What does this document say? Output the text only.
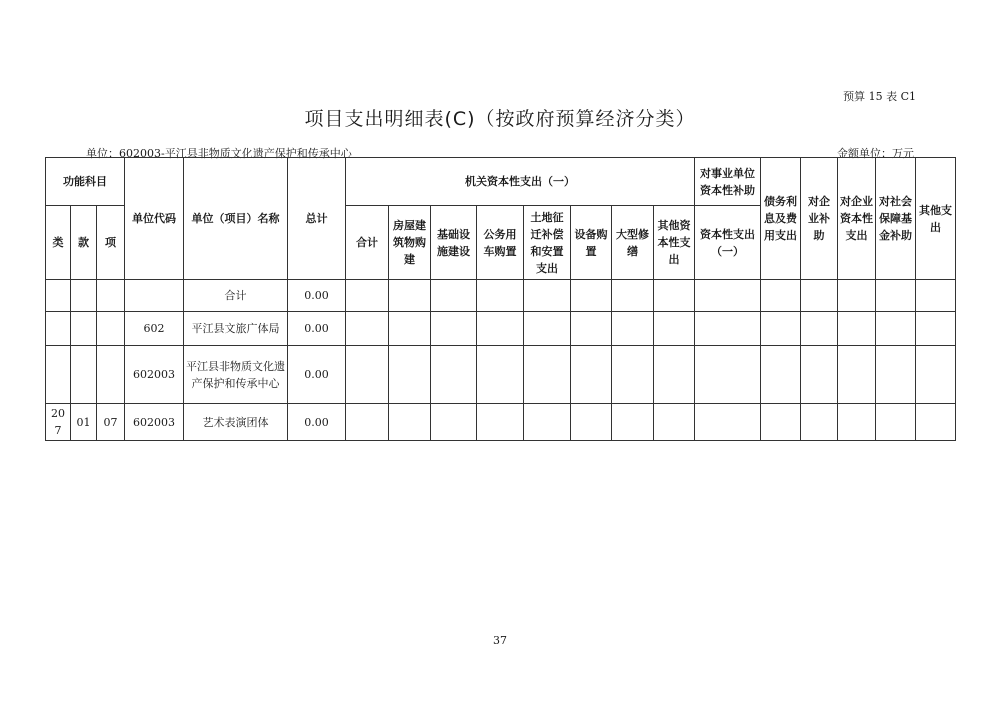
预算 15 表 C1
项目支出明细表(C)（按政府预算经济分类）
单位：602003-平江县非物质文化遗产保护和传承中心	金额单位：万元
功能科目			单位代码	单位（项目）名称	总计	机关资本性支出（一）								对事业单位资本性补助	债务利息及费用支出	对企业补助	对企业资本性支出	对社会保障基金补助	其他支出
类	款	项				合计	房屋建筑物购建	基础设施建设	公务用车购置	土地征迁补偿和安置支出	设备购置	大型修缮	其他资本性支出	资本性支出（一）					
				合计	0.00														
			602	平江县文旅广体局	0.00														
			602003	平江县非物质文化遗产保护和传承中心	0.00														
207	01	07	602003	艺术表演团体	0.00														
37
